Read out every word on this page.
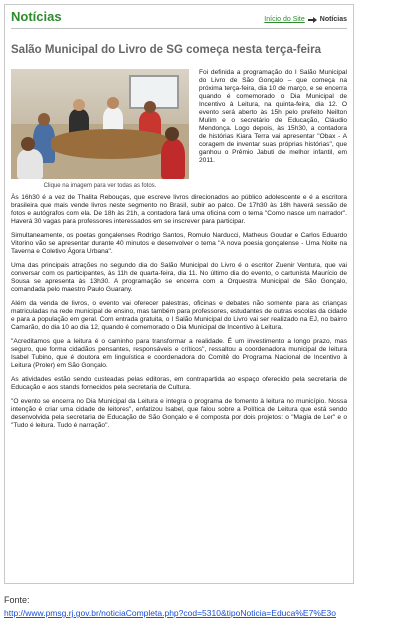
Notícias	Início do Site Notícias
Salão Municipal do Livro de SG começa nesta terça-feira
Clique na imagem para ver todas as fotos.

Foi definida a programação do I Salão Municipal do Livro de São Gonçalo – que começa na próxima terça-feira, dia 10 de março, e se encerra quando é comemorado o Dia Municipal de Incentivo à Leitura, na quinta-feira, dia 12. O evento será aberto às 15h pelo prefeito Neilton Mulim e o secretário de Educação, Cláudio Mendonça. Logo depois, às 15h30, a contadora de histórias Kiara Terra vai apresentar "Obax - A coragem de inventar suas próprias histórias", que ganhou o Prêmio Jabuti de melhor infantil, em 2011.

Às 16h30 é a vez de Thalita Rebouças, que escreve livros direcionados ao público adolescente e é a escritora brasileira que mais vende livros neste segmento no Brasil, subir ao palco. De 17h30 às 18h haverá sessão de fotos e autógrafos com ela. De 18h às 21h, a contadora fará uma oficina com o tema "Como nasce um narrador". Haverá 30 vagas para professores interessados em se inscrever para participar.

Simultaneamente, os poetas gonçalenses Rodrigo Santos, Romulo Narducci, Matheus Goudar e Carlos Eduardo Vitorino vão se apresentar durante 40 minutos e desenvolver o tema "A nova poesia gonçalense - Uma Noite na Taverna e Coletivo Ágora Urbana".

Uma das principais atrações no segundo dia do Salão Municipal do Livro é o escritor Zuenir Ventura, que vai conversar com os participantes, às 11h de quarta-feira, dia 11. No último dia do evento, o cartunista Maurício de Sousa se apresenta às 13h30. A programação se encerra com a Orquestra Municipal de São Gonçalo, comandada pelo maestro Paulo Guarany.

Além da venda de livros, o evento vai oferecer palestras, oficinas e debates não somente para as crianças matriculadas na rede municipal de ensino, mas também para professores, estudantes de outras escolas da cidade e para a população em geral. Com entrada gratuita, o I Salão Municipal do Livro vai ser realizado na EJ, no bairro Camarão, do dia 10 ao dia 12, quando é comemorado o Dia Municipal de Incentivo à Leitura.

"Acreditamos que a leitura é o caminho para transformar a realidade. É um investimento a longo prazo, mas seguro, que forma cidadãos pensantes, responsáveis e críticos", ressaltou a coordenadora municipal de leitura Isabel Tubino, que é doutora em linguística e coordenadora do Comitê do Programa Nacional de Incentivo à Leitura (Proler) em São Gonçalo.

As atividades estão sendo custeadas pelas editoras, em contrapartida ao espaço oferecido pela secretaria de Educação e aos stands fornecidos pela secretaria de Cultura.

"O evento se encerra no Dia Municipal da Leitura e integra o programa de fomento à leitura no município. Nossa intenção é criar uma cidade de leitores", enfatizou Isabel, que falou sobre a Política de Leitura que está sendo desenvolvida pela secretaria de Educação de São Gonçalo e é composta por dois projetos: o "Magia de Ler" e o "Tudo é leitura. Tudo é narração".

Fonte:
http://www.pmsg.rj.gov.br/noticiaCompleta.php?cod=5310&tipoNoticia=Educa%E7%E3o
